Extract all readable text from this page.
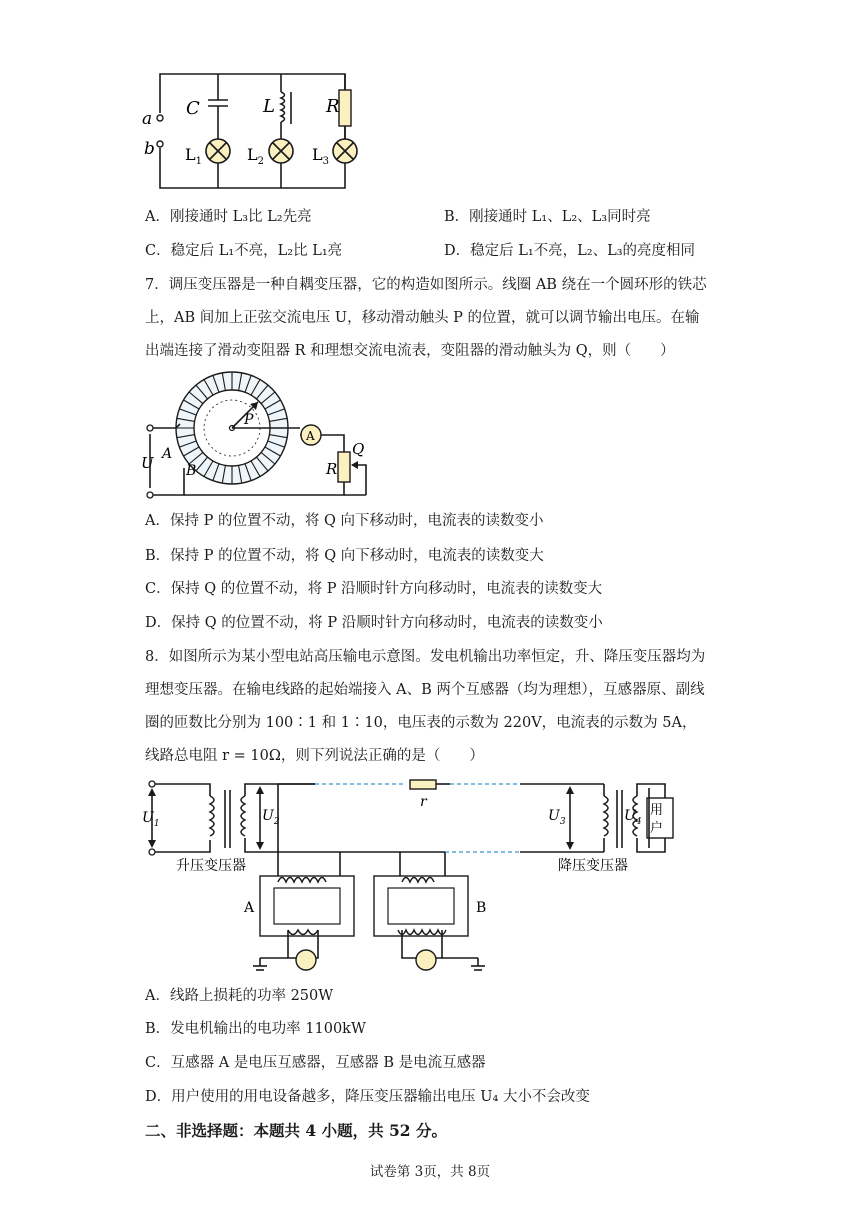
a
b
C	L	R
$L_1$	$L_2$	$L_3$
A．刚接通时 L₃比 L₂先亮	B．刚接通时 L₁、L₂、L₃同时亮
C．稳定后 L₁不亮，L₂比 L₁亮	D．稳定后 L₁不亮，L₂、L₃的亮度相同
7．调压变压器是一种自耦变压器，它的构造如图所示。线圈 AB 绕在一个圆环形的铁芯上，AB 间加上正弦交流电压 U，移动滑动触头 P 的位置，就可以调节输出电压。在输出端连接了滑动变阻器 R 和理想交流电流表，变阻器的滑动触头为 Q，则（　　）
U A
B
P
A
R
Q
A．保持 P 的位置不动，将 Q 向下移动时，电流表的读数变小
B．保持 P 的位置不动，将 Q 向下移动时，电流表的读数变大
C．保持 Q 的位置不动，将 P 沿顺时针方向移动时，电流表的读数变大
D．保持 Q 的位置不动，将 P 沿顺时针方向移动时，电流表的读数变小
8．如图所示为某小型电站高压输电示意图。发电机输出功率恒定，升、降压变压器均为理想变压器。在输电线路的起始端接入 A、B 两个互感器（均为理想），互感器原、副线圈的匝数比分别为 100∶1 和 1∶10，电压表的示数为 220V，电流表的示数为 5A，线路总电阻 r = 10Ω，则下列说法正确的是（　　）
$U_1$	$U_2$	$U_3$	$U_4$
r
用
户
升压变压器	降压变压器
A	B
A．线路上损耗的功率 250W
B．发电机输出的电功率 1100kW
C．互感器 A 是电压互感器，互感器 B 是电流互感器
D．用户使用的用电设备越多，降压变压器输出电压 U₄ 大小不会改变
二、非选择题：本题共 4 小题，共 52 分。
试卷第 3页，共 8页
